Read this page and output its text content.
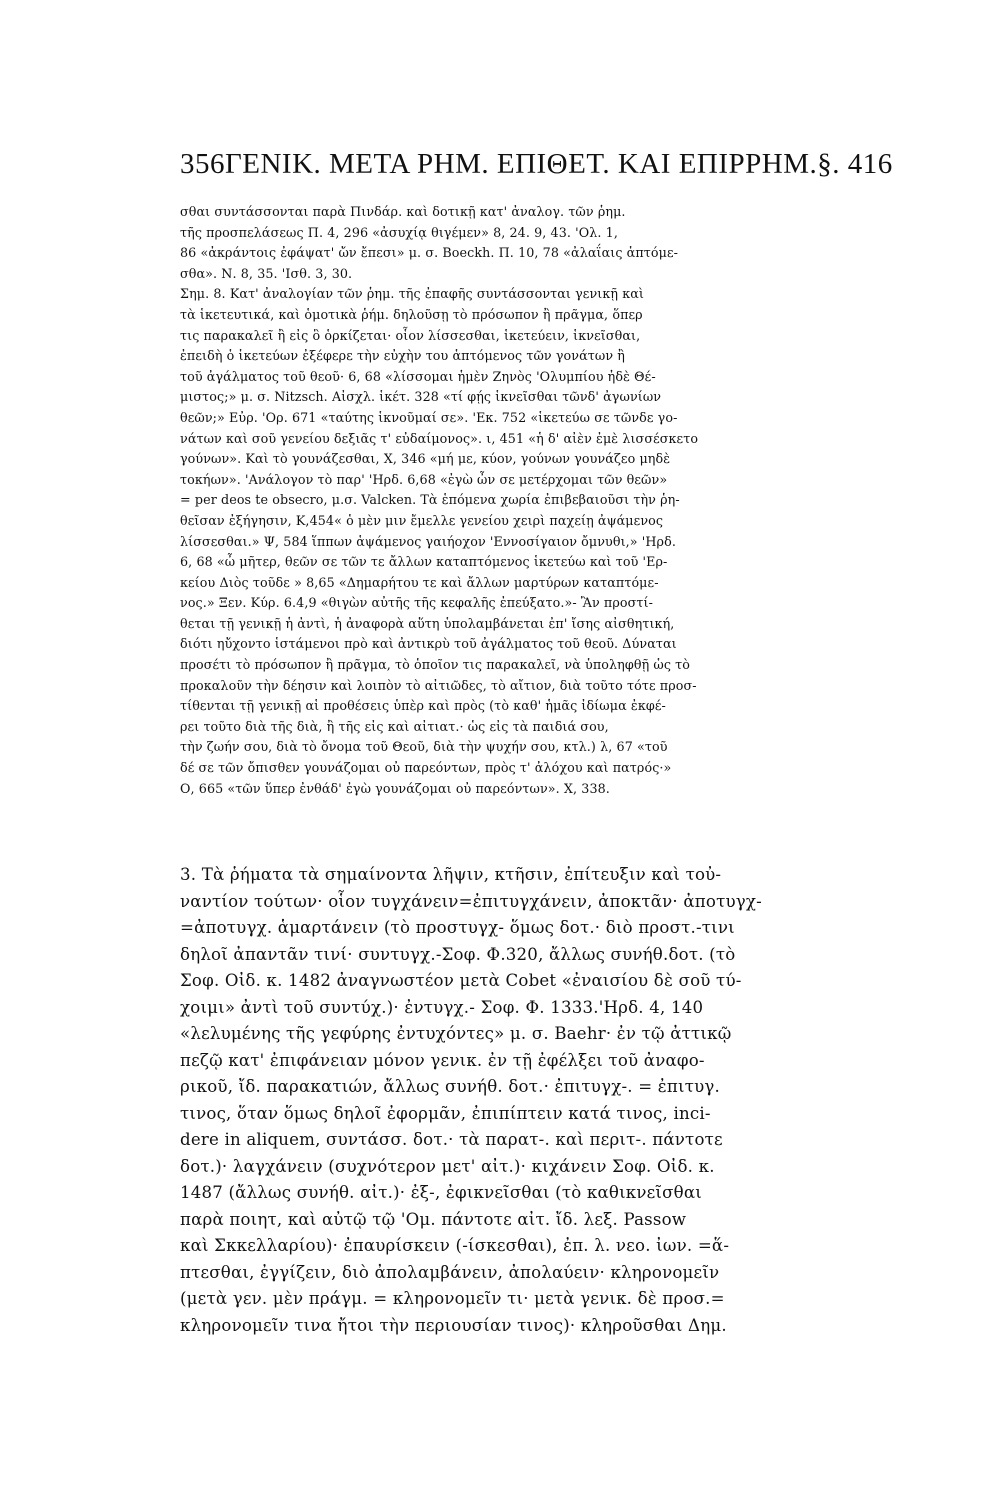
356 ΓΕΝΙΚ. ΜΕΤΑ ΡΗΜ. ΕΠΙΘΕΤ. ΚΑΙ ΕΠΙΡΡΗΜ. §. 416
σθαι συντάσσονται παρὰ Πινδάρ. καὶ δοτικῇ κατ' ἀναλογ. τῶν ῥημ.
τῆς προσπελάσεως Π. 4, 296 «ἀσυχίᾳ θιγέμεν» 8, 24. 9, 43. 'Ολ. 1,
86 «ἀκράντοις ἐφάψατ' ὤν ἔπεσι» μ. σ. Boeckh. Π. 10, 78 «ἀλαΐαις ἁπτόμε-
σθα». Ν. 8, 35. 'Ισθ. 3, 30.
Σημ. 8. Κατ' ἀναλογίαν τῶν ῥημ. τῆς ἐπαφῆς συντάσσονται γενικῇ καὶ
τὰ ἱκετευτικά, καὶ ὁμοτικὰ ῥήμ. δηλοῦσῃ τὸ πρόσωπον ἢ πρᾶγμα, ὅπερ
τις παρακαλεῖ ἢ εἰς ὃ ὁρκίζεται· οἷον λίσσεσθαι, ἱκετεύειν, ἱκνεῖσθαι,
ἐπειδὴ ὁ ἱκετεύων ἐξέφερε τὴν εὐχὴν του ἁπτόμενος τῶν γονάτων ἢ
τοῦ ἀγάλματος τοῦ θεοῦ· 6, 68 «λίσσομαι ἡμὲν Ζηνὸς 'Ολυμπίου ἠδὲ Θέ-
μιστος;» μ. σ. Nitzsch. Αἰσχλ. ἱκέτ. 328 «τί φῄς ἱκνεῖσθαι τῶνδ' ἀγωνίων
θεῶν;» Εὐρ. 'Ορ. 671 «ταύτης ἱκνοῦμαί σε». 'Εκ. 752 «ἱκετεύω σε τῶνδε γο-
νάτων καὶ σοῦ γενείου δεξιᾶς τ' εὐδαίμονος». ι, 451 «ἡ δ' αἰὲν ἐμὲ λισσέσκετο
γούνων». Καὶ τὸ γουνάζεσθαι, Χ, 346 «μή με, κύον, γούνων γουνάζεο μηδὲ
τοκήων». 'Ανάλογον τὸ παρ' 'Ηρδ. 6,68 «ἐγὼ ὦν σε μετέρχομαι τῶν θεῶν»
= per deos te obsecro, μ.σ. Valcken. Τὰ ἑπόμενα χωρία ἐπιβεβαιοῦσι τὴν ῥη-
θεῖσαν ἐξήγησιν, Κ,454« ὁ μὲν μιν ἔμελλε γενείου χειρὶ παχείῃ ἀψάμενος
λίσσεσθαι.» Ψ, 584 ἵππων ἁψάμενος γαιήοχον 'Εννοσίγαιον ὄμνυθι,» 'Ηρδ.
6, 68 «ὦ μῆτερ, θεῶν σε τῶν τε ἄλλων καταπτόμενος ἱκετεύω καὶ τοῦ 'Ερ-
κείου Διὸς τοῦδε » 8,65 «Δημαρήτου τε καὶ ἄλλων μαρτύρων καταπτόμε-
νος.» Ξεν. Κύρ. 6.4,9 «θιγὼν αὐτῆς τῆς κεφαλῆς ἐπεύξατο.»- Ἂν προστί-
θεται τῇ γενικῇ ἡ ἀντὶ, ἡ ἀναφορὰ αὕτη ὑπολαμβάνεται ἐπ' ἴσης αἰσθητική,
διότι ηὔχοντο ἱστάμενοι πρὸ καὶ ἀντικρὺ τοῦ ἀγάλματος τοῦ θεοῦ. Δύναται
προσέτι τὸ πρόσωπον ἢ πρᾶγμα, τὸ ὁποῖον τις παρακαλεῖ, νὰ ὑποληφθῇ ὡς τὸ
προκαλοῦν τὴν δέησιν καὶ λοιπὸν τὸ αἰτιῶδες, τὸ αἴτιον, διὰ τοῦτο τότε προσ-
τίθενται τῇ γενικῇ αἱ προθέσεις ὑπὲρ καὶ πρὸς (τὸ καθ' ἡμᾶς ἰδίωμα ἐκφέ-
ρει τοῦτο διὰ τῆς διὰ, ἢ τῆς εἰς καὶ αἰτιατ.· ὡς εἰς τὰ παιδιά σου,
τὴν ζωήν σου, διὰ τὸ ὄνομα τοῦ Θεοῦ, διὰ τὴν ψυχήν σου, κτλ.) λ, 67 «τοῦ
δέ σε τῶν ὄπισθεν γουνάζομαι οὐ παρεόντων, πρὸς τ' ἀλόχου καὶ πατρός·»
Ο, 665 «τῶν ὕπερ ἐνθάδ' ἐγὼ γουνάζομαι οὐ παρεόντων». Χ, 338.
3. Τὰ ῥήματα τὰ σημαίνοντα λῆψιν, κτῆσιν, ἐπίτευξιν καὶ τοὐ-
ναντίον τούτων· οἷον τυγχάνειν=ἐπιτυγχάνειν, ἀποκτᾶν· ἀποτυγχ-
=ἀποτυγχ. ἁμαρτάνειν (τὸ προστυγχ- ὅμως δοτ.· διὸ προστ.-τινι
δηλοῖ ἀπαντᾶν τινί· συντυγχ.-Σοφ. Φ.320, ἄλλως συνήθ.δοτ. (τὸ
Σοφ. Οἰδ. κ. 1482 ἀναγνωστέον μετὰ Cobet «ἐναισίου δὲ σοῦ τύ-
χοιμι» ἀντὶ τοῦ συντύχ.)· ἐντυγχ.- Σοφ. Φ. 1333.'Ηρδ. 4, 140
«λελυμένης τῆς γεφύρης ἐντυχόντες» μ. σ. Baehr· ἐν τῷ ἀττικῷ
πεζῷ κατ' ἐπιφάνειαν μόνον γενικ. ἐν τῇ ἐφέλξει τοῦ ἀναφο-
ρικοῦ, ἴδ. παρακατιών, ἄλλως συνήθ. δοτ.· ἐπιτυγχ-. = ἐπιτυγ.
τινος, ὅταν ὅμως δηλοῖ ἐφορμᾶν, ἐπιπίπτειν κατά τινος, inci-
dere in aliquem, συντάσσ. δοτ.· τὰ παρατ-. καὶ περιτ-. πάντοτε
δοτ.)· λαγχάνειν (συχνότερον μετ' αἰτ.)· κιχάνειν Σοφ. Οἰδ. κ.
1487 (ἄλλως συνήθ. αἰτ.)· ἐξ-, ἐφικνεῖσθαι (τὸ καθικνεῖσθαι
παρὰ ποιητ, καὶ αὐτῷ τῷ 'Ομ. πάντοτε αἰτ. ἴδ. λεξ. Passow
καὶ Σκκελλαρίου)· ἐπαυρίσκειν (-ίσκεσθαι), ἐπ. λ. νεο. ἰων. =ἅ-
πτεσθαι, ἐγγίζειν, διὸ ἀπολαμβάνειν, ἀπολαύειν· κληρονομεῖν
(μετὰ γεν. μὲν πράγμ. = κληρονομεῖν τι· μετὰ γενικ. δὲ προσ.=
κληρονομεῖν τινα ἤτοι τὴν περιουσίαν τινος)· κληροῦσθαι Δημ.
